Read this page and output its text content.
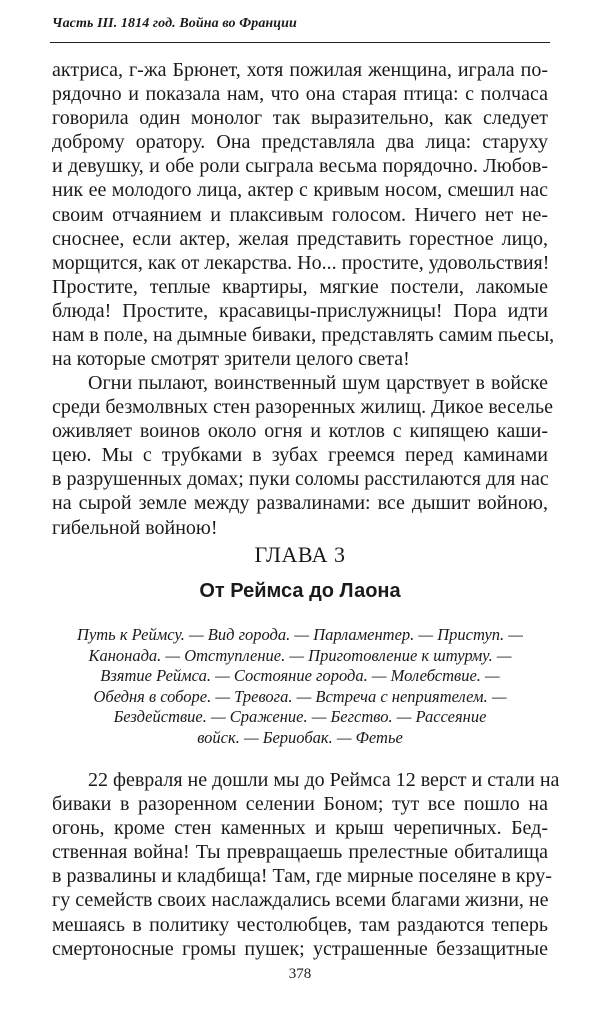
Часть III. 1814 год. Война во Франции
актриса, г-жа Брюнет, хотя пожилая женщина, играла по-
рядочно и показала нам, что она старая птица: с полчаса
говорила один монолог так выразительно, как следует
доброму оратору. Она представляла два лица: старуху
и девушку, и обе роли сыграла весьма порядочно. Любов-
ник ее молодого лица, актер с кривым носом, смешил нас
своим отчаянием и плаксивым голосом. Ничего нет не-
сноснее, если актер, желая представить горестное лицо,
морщится, как от лекарства. Но... простите, удовольствия!
Простите, теплые квартиры, мягкие постели, лакомые
блюда! Простите, красавицы-прислужницы! Пора идти
нам в поле, на дымные биваки, представлять самим пьесы,
на которые смотрят зрители целого света!
Огни пылают, воинственный шум царствует в войске
среди безмолвных стен разоренных жилищ. Дикое веселье
оживляет воинов около огня и котлов с кипящею каши-
цею. Мы с трубками в зубах греемся перед каминами
в разрушенных домах; пуки соломы расстилаются для нас
на сырой земле между развалинами: все дышит войною,
гибельной войною!
ГЛАВА 3
От Реймса до Лаона
Путь к Реймсу. — Вид города. — Парламентер. — Приступ. —
Канонада. — Отступление. — Приготовление к штурму. —
Взятие Реймса. — Состояние города. — Молебствие. —
Обедня в соборе. — Тревога. — Встреча с неприятелем. —
Бездействие. — Сражение. — Бегство. — Рассеяние
войск. — Бериобак. — Фетье
22 февраля не дошли мы до Реймса 12 верст и стали на
биваки в разоренном селении Боном; тут все пошло на
огонь, кроме стен каменных и крыш черепичных. Бед-
ственная война! Ты превращаешь прелестные обиталища
в развалины и кладбища! Там, где мирные поселяне в кру-
гу семейств своих наслаждались всеми благами жизни, не
мешаясь в политику честолюбцев, там раздаются теперь
смертоносные громы пушек; устрашенные беззащитные
378
